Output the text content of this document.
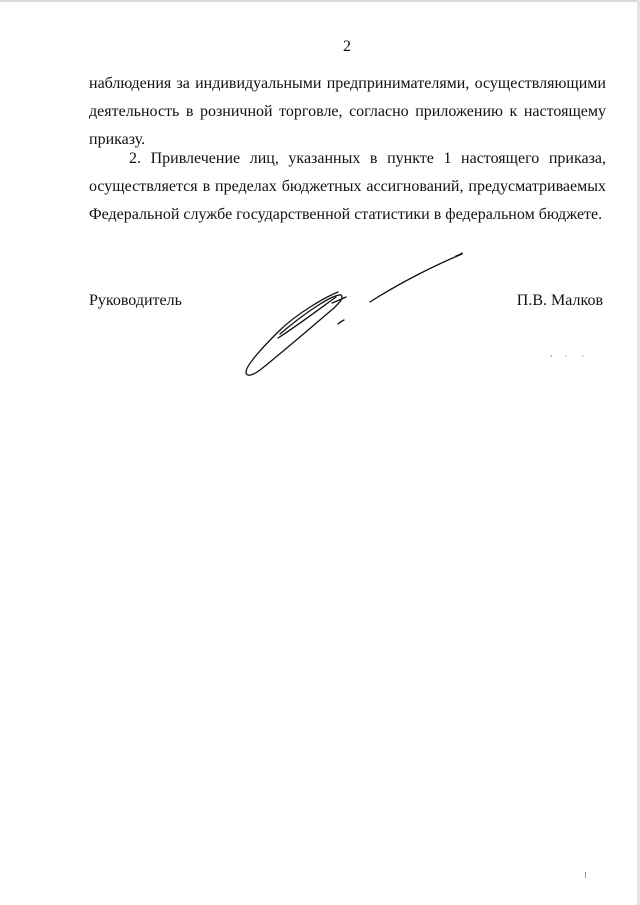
2

наблюдения за индивидуальными предпринимателями, осуществляющими
деятельность в розничной торговле, согласно приложению к настоящему
приказу.

2. Привлечение лиц, указанных в пункте 1 настоящего приказа,
осуществляется в пределах бюджетных ассигнований, предусматриваемых
Федеральной службе государственной статистики в федеральном бюджете.

Руководитель	П.В. Малков
